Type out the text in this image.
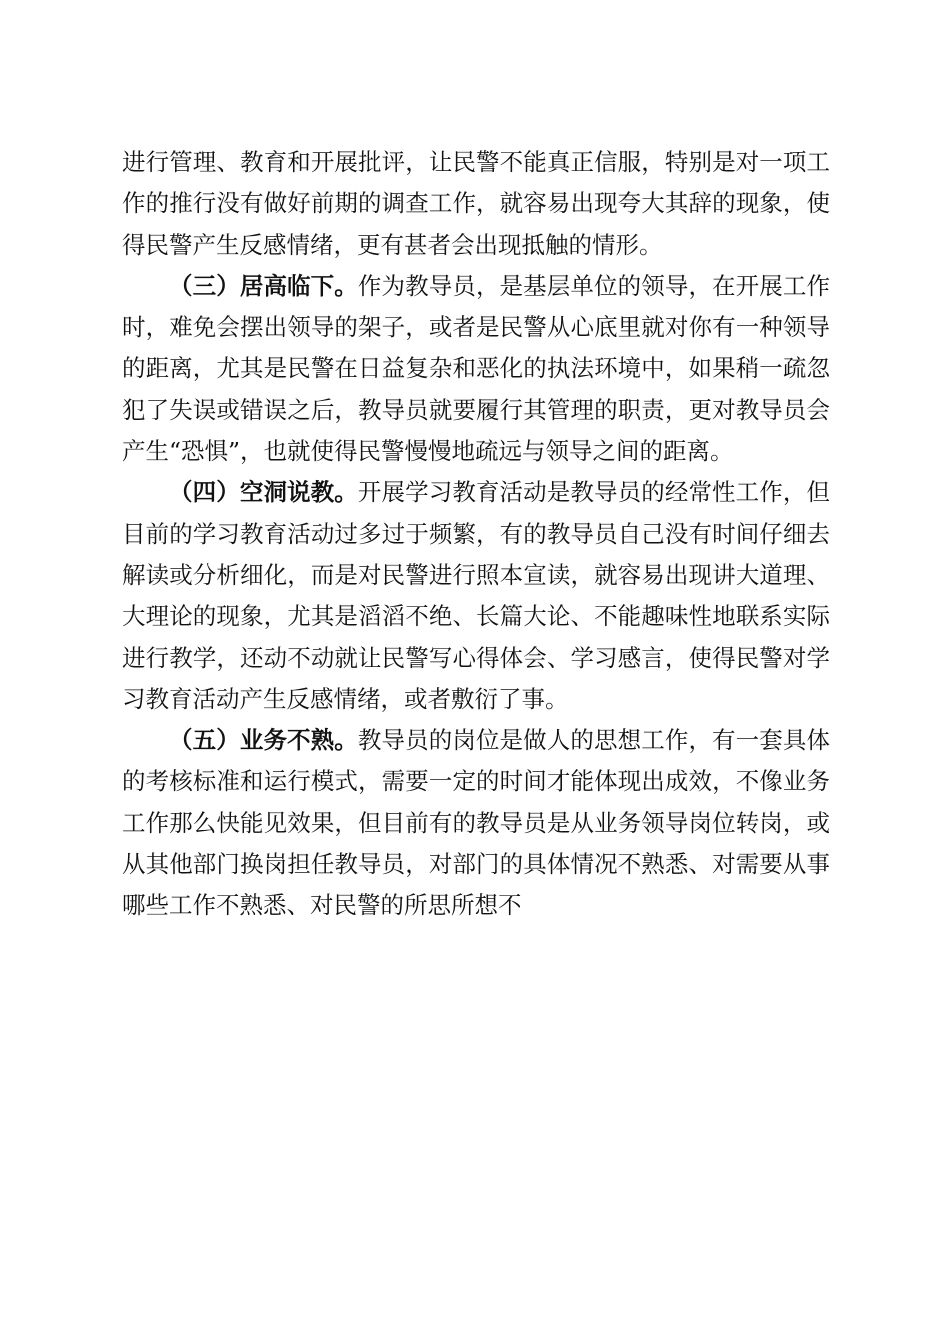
进行管理、教育和开展批评，让民警不能真正信服，特别是对一项工作的推行没有做好前期的调查工作，就容易出现夸大其辞的现象，使得民警产生反感情绪，更有甚者会出现抵触的情形。

（三）居高临下。作为教导员，是基层单位的领导，在开展工作时，难免会摆出领导的架子，或者是民警从心底里就对你有一种领导的距离，尤其是民警在日益复杂和恶化的执法环境中，如果稍一疏忽犯了失误或错误之后，教导员就要履行其管理的职责，更对教导员会产生“恐惧”，也就使得民警慢慢地疏远与领导之间的距离。

（四）空洞说教。开展学习教育活动是教导员的经常性工作，但目前的学习教育活动过多过于频繁，有的教导员自己没有时间仔细去解读或分析细化，而是对民警进行照本宣读，就容易出现讲大道理、大理论的现象，尤其是滔滔不绝、长篇大论、不能趣味性地联系实际进行教学，还动不动就让民警写心得体会、学习感言，使得民警对学习教育活动产生反感情绪，或者敷衍了事。

（五）业务不熟。教导员的岗位是做人的思想工作，有一套具体的考核标准和运行模式，需要一定的时间才能体现出成效，不像业务工作那么快能见效果，但目前有的教导员是从业务领导岗位转岗，或从其他部门换岗担任教导员，对部门的具体情况不熟悉、对需要从事哪些工作不熟悉、对民警的所思所想不
